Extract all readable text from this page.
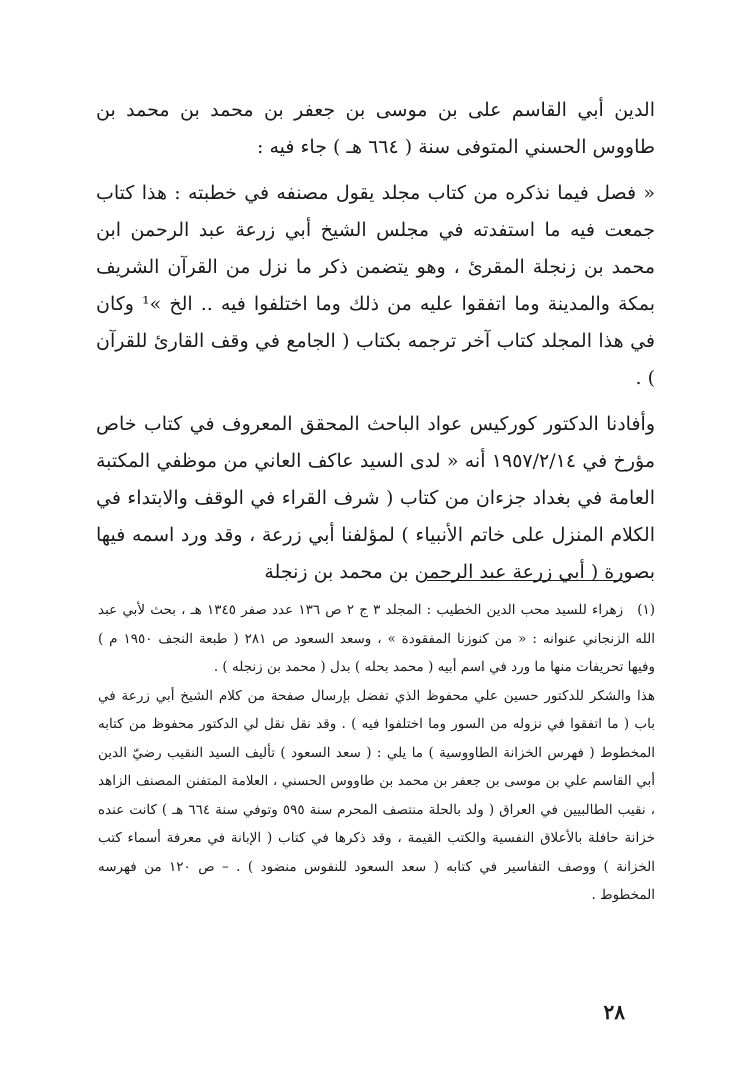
الدين أبي القاسم على بن موسى بن جعفر بن محمد بن محمد بن طاووس الحسني المتوفى سنة ( ٦٦٤ هـ ) جاء فيه :

« فصل فيما نذكره من كتاب مجلد يقول مصنفه في خطبته : هذا كتاب جمعت فيه ما استفدته في مجلس الشيخ أبي زرعة عبد الرحمن ابن محمد بن زنجلة المقرئ ، وهو يتضمن ذكر ما نزل من القرآن الشريف بمكة والمدينة وما اتفقوا عليه من ذلك وما اختلفوا فيه .. الخ »¹ وكان في هذا المجلد كتاب آخر ترجمه بكتاب ( الجامع في وقف القارئ للقرآن ) .

وأفادنا الدكتور كوركيس عواد الباحث المحقق المعروف في كتاب خاص مؤرخ في ١٩٥٧/٢/١٤ أنه « لدى السيد عاكف العاني من موظفي المكتبة العامة في بغداد جزءان من كتاب ( شرف القراء في الوقف والابتداء في الكلام المنزل على خاتم الأنبياء ) لمؤلفنا أبي زرعة ، وقد ورد اسمه فيها بصورة ( أبي زرعة عبد الرحمن بن محمد بن زنجلة

(١)زهراء للسيد محب الدين الخطيب : المجلد ٣ ج ٢ ص ١٣٦ عدد صفر ١٣٤٥ هـ ، بحث لأبي عبد الله الزنجاني عنوانه : « من كنوزنا المفقودة » ، وسعد السعود ص ٢٨١ ( طبعة النجف ١٩٥٠ م ) وفيها تحريفات منها ما ورد في اسم أبيه ( محمد بحله ) بدل ( محمد بن زنجله ) .

هذا والشكر للدكتور حسين علي محفوظ الذي تفضل بإرسال صفحة من كلام الشيخ أبي زرعة في باب ( ما اتفقوا في نزوله من السور وما اختلفوا فيه ) . وقد نقل نقل لي الدكتور محفوظ من كتابه المخطوط ( فهرس الخزانة الطاووسية ) ما يلي : ( سعد السعود ) تأليف السيد النقيب رضيّ الدين أبي القاسم علي بن موسى بن جعفر بن محمد بن طاووس الحسني ، العلامة المتفنن المصنف الزاهد ، نقيب الطالبيين في العراق ( ولد بالحلة منتصف المحرم سنة ٥٩٥ وتوفي سنة ٦٦٤ هـ ) كانت عنده خزانة حافلة بالأعلاق النفسية والكتب القيمة ، وقد ذكرها في كتاب ( الإبانة في معرفة أسماء كتب الخزانة ) ووصف التفاسير في كتابه ( سعد السعود للنفوس منضود ) . – ص ١٢٠ من فهرسه المخطوط .

٢٨
